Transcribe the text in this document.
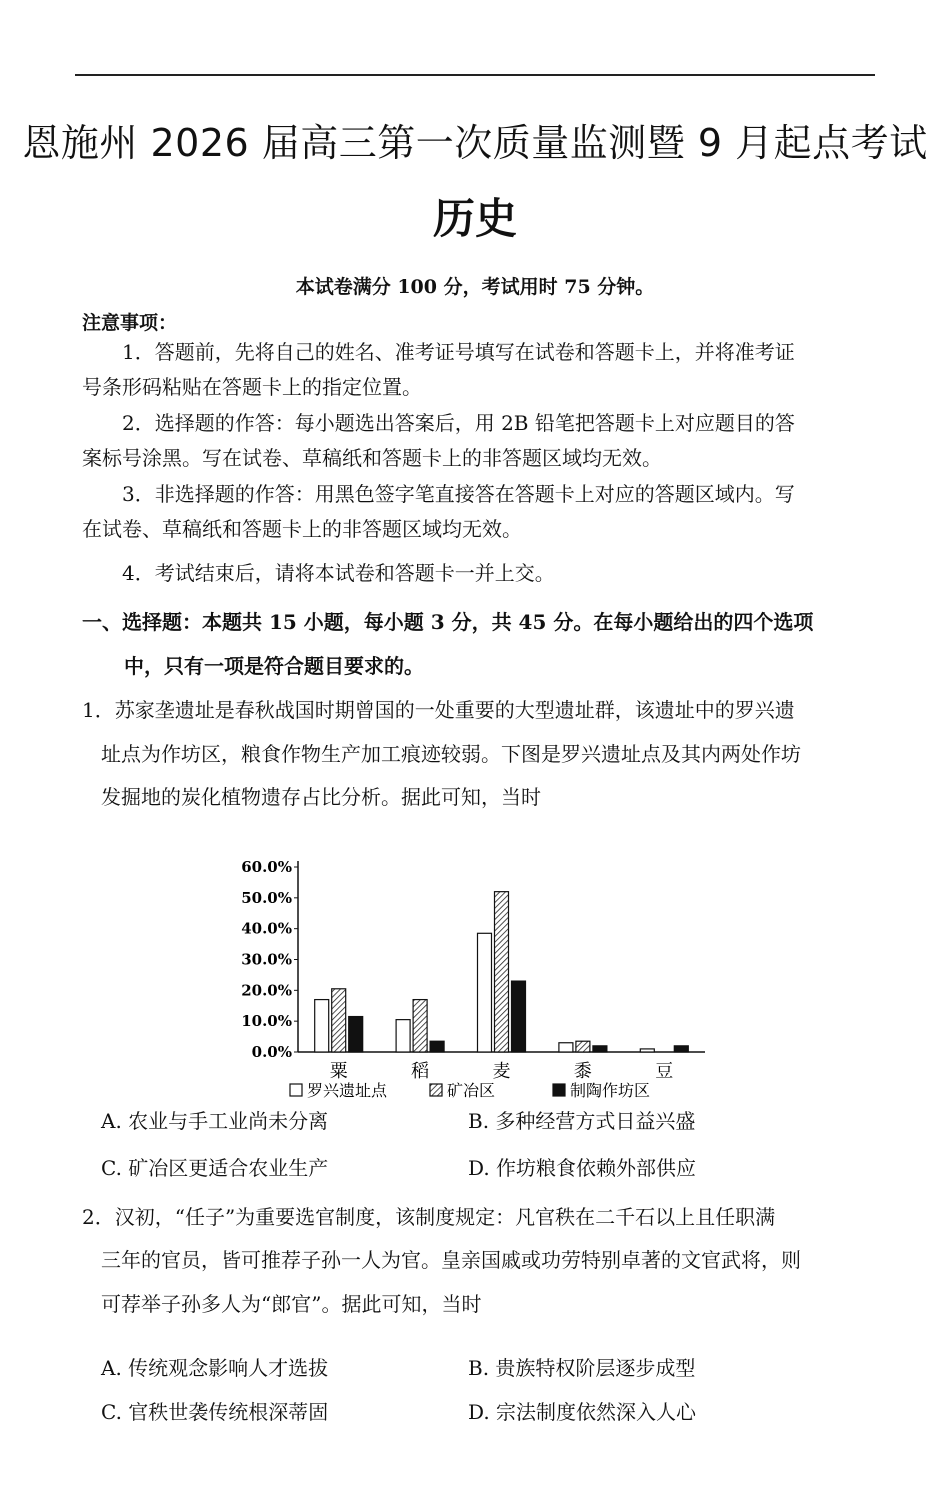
恩施州 2026 届高三第一次质量监测暨 9 月起点考试
历史
本试卷满分 100 分，考试用时 75 分钟。
注意事项：
1．答题前，先将自己的姓名、准考证号填写在试卷和答题卡上，并将准考证
号条形码粘贴在答题卡上的指定位置。
2．选择题的作答：每小题选出答案后，用 2B 铅笔把答题卡上对应题目的答
案标号涂黑。写在试卷、草稿纸和答题卡上的非答题区域均无效。
3．非选择题的作答：用黑色签字笔直接答在答题卡上对应的答题区域内。写
在试卷、草稿纸和答题卡上的非答题区域均无效。
4．考试结束后，请将本试卷和答题卡一并上交。
一、选择题：本题共 15 小题，每小题 3 分，共 45 分。在每小题给出的四个选项
中，只有一项是符合题目要求的。
1．苏家垄遗址是春秋战国时期曾国的一处重要的大型遗址群，该遗址中的罗兴遗
址点为作坊区，粮食作物生产加工痕迹较弱。下图是罗兴遗址点及其内两处作坊
发掘地的炭化植物遗存占比分析。据此可知，当时
0.0%
10.0%
20.0%
30.0%
40.0%
50.0%
60.0%
粟	稻	麦	黍	豆
罗兴遗址点	矿冶区	制陶作坊区
A. 农业与手工业尚未分离	B. 多种经营方式日益兴盛
C. 矿冶区更适合农业生产	D. 作坊粮食依赖外部供应
2．汉初，“任子”为重要选官制度，该制度规定：凡官秩在二千石以上且任职满
三年的官员，皆可推荐子孙一人为官。皇亲国戚或功劳特别卓著的文官武将，则
可荐举子孙多人为“郎官”。据此可知，当时
A. 传统观念影响人才选拔	B. 贵族特权阶层逐步成型
C. 官秩世袭传统根深蒂固	D. 宗法制度依然深入人心
